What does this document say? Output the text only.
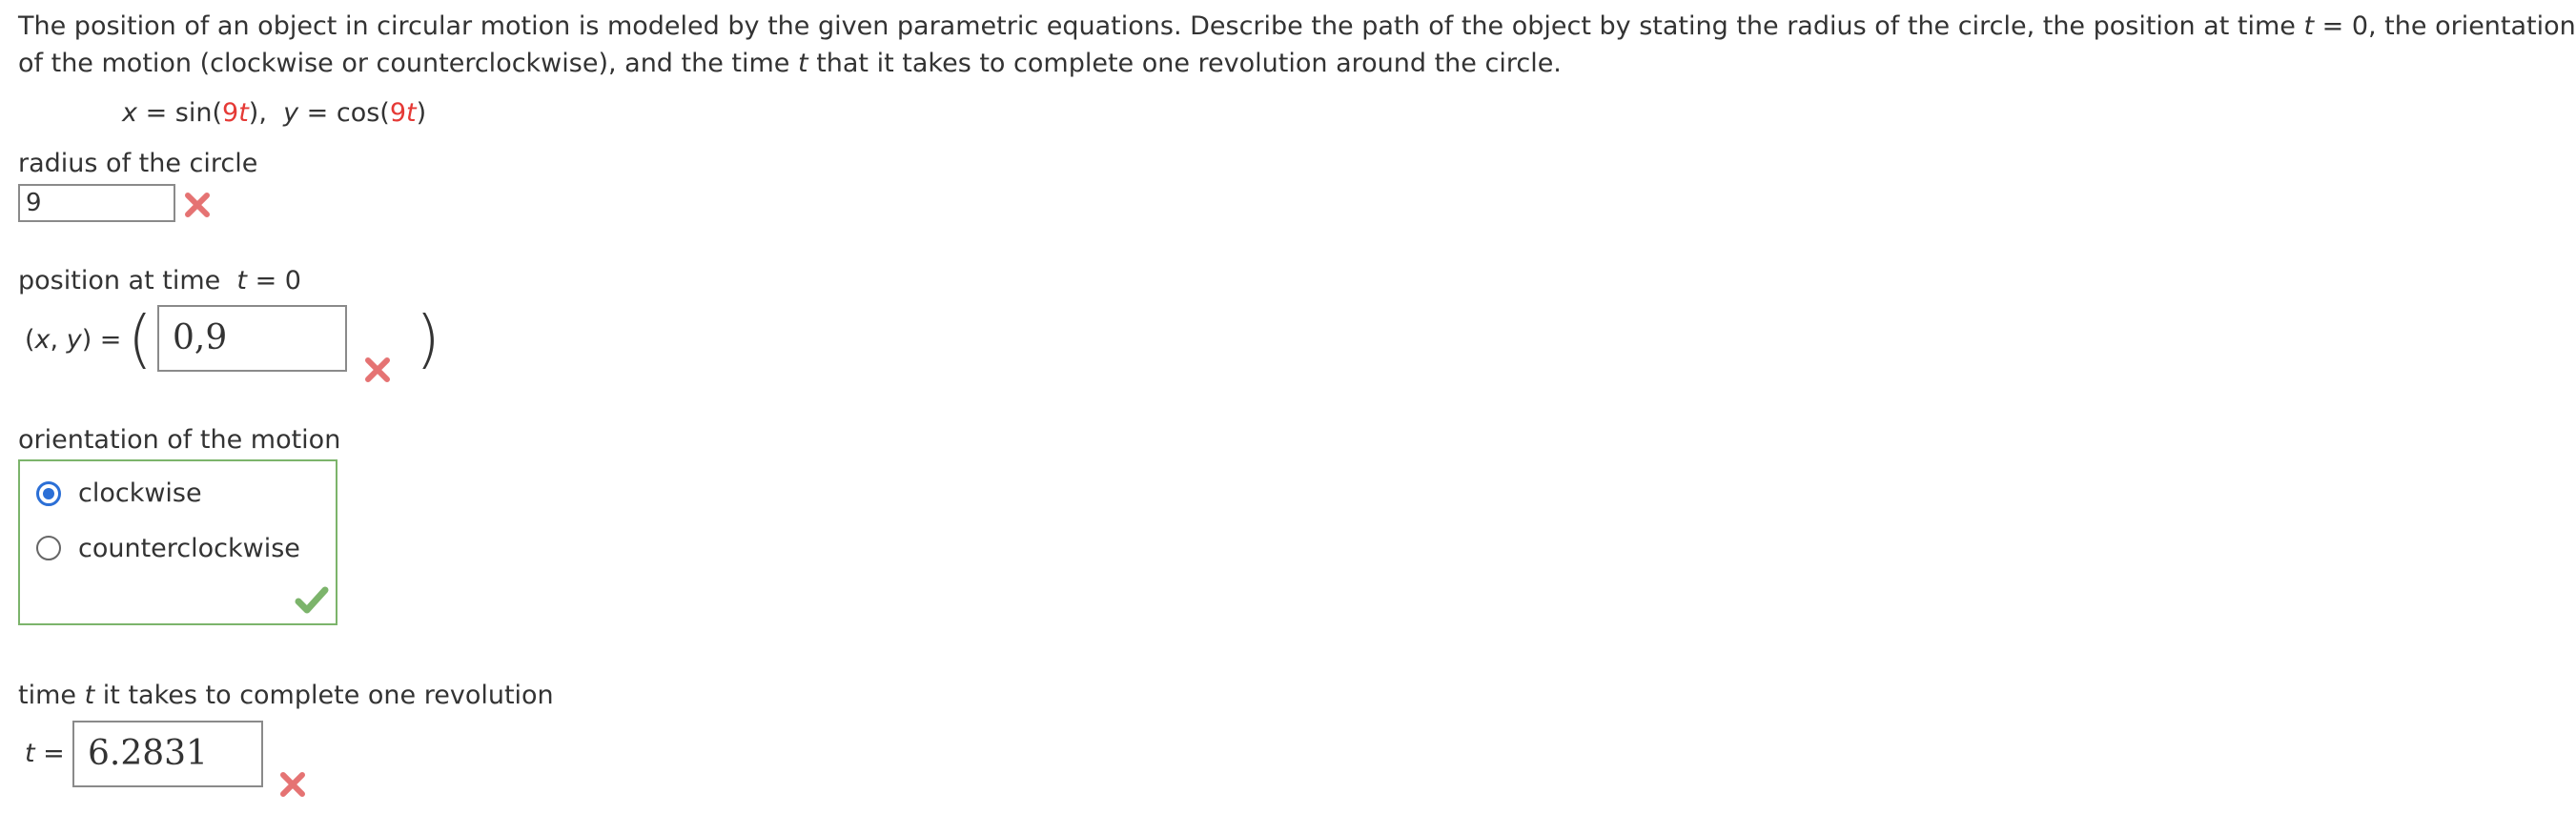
The position of an object in circular motion is modeled by the given parametric equations. Describe the path of the object by stating the radius of the circle, the position at time t = 0, the orientation
of the motion (clockwise or counterclockwise), and the time t that it takes to complete one revolution around the circle.
x = sin(9t), y = cos(9t)
radius of the circle
9
position at time  t = 0
(x, y) = ( 0,9	)
orientation of the motion
clockwise
counterclockwise
time t it takes to complete one revolution
t = 6.2831
